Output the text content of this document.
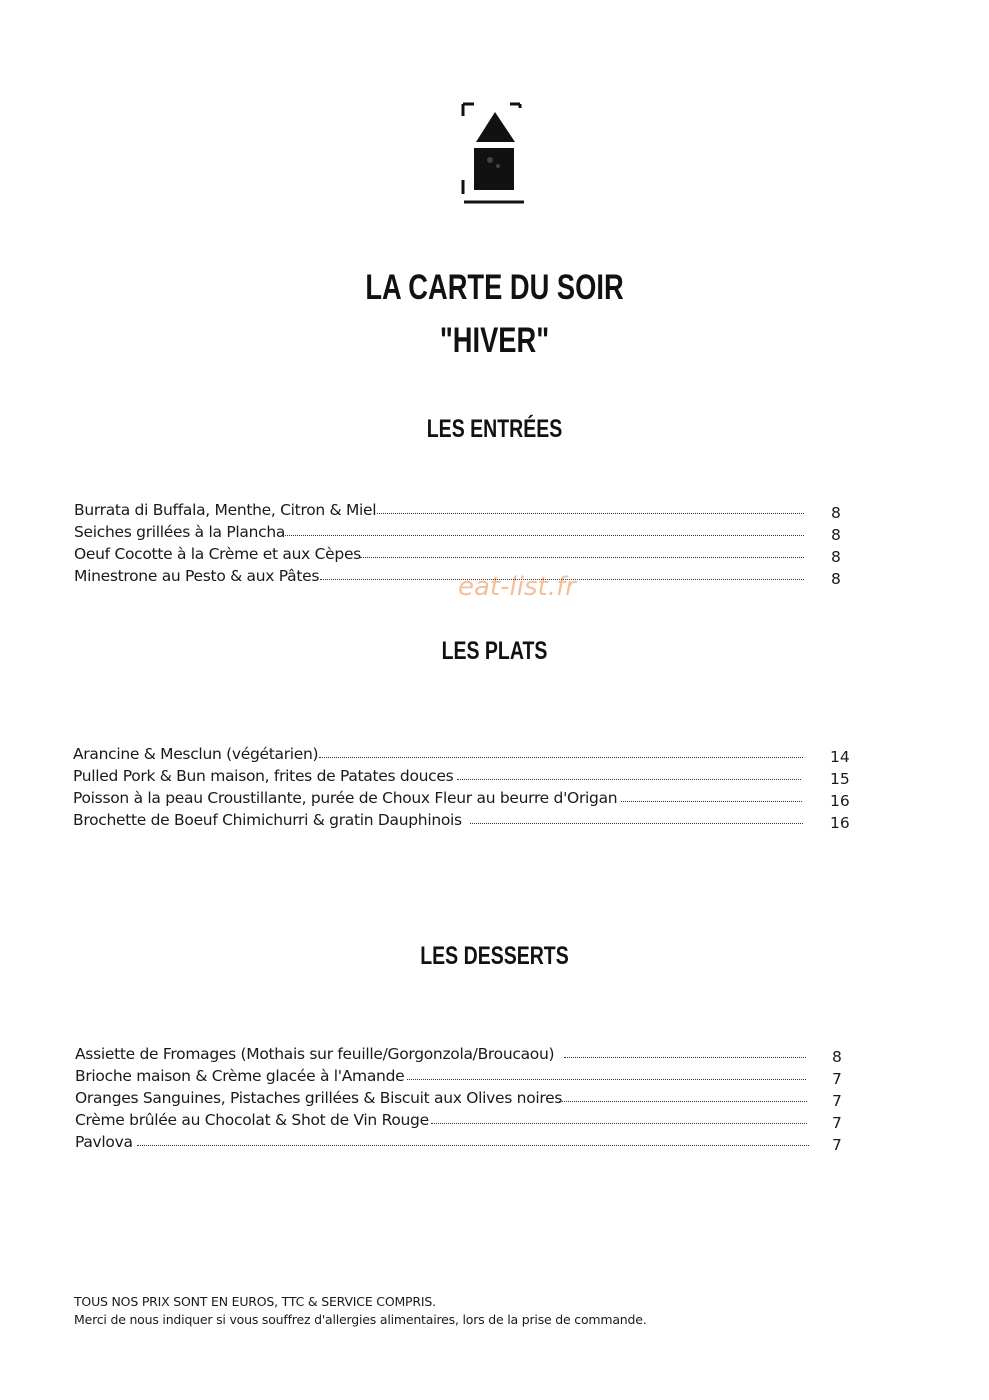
LA CARTE DU SOIR
"HIVER"
LES ENTRÉES
LES PLATS
LES DESSERTS
eat-list.fr
Burrata di Buffala, Menthe, Citron & Miel	8
Seiches grillées à la Plancha	8
Oeuf Cocotte à la Crème et aux Cèpes	8
Minestrone au Pesto & aux Pâtes	8
Arancine & Mesclun (végétarien)	14
Pulled Pork & Bun maison, frites de Patates douces	15
Poisson à la peau Croustillante, purée de Choux Fleur au beurre d'Origan	16
Brochette de Boeuf Chimichurri & gratin Dauphinois	16
Assiette de Fromages (Mothais sur feuille/Gorgonzola/Broucaou)	8
Brioche maison & Crème glacée à l'Amande	7
Oranges Sanguines, Pistaches grillées & Biscuit aux Olives noires	7
Crème brûlée au Chocolat & Shot de Vin Rouge	7
Pavlova	7
TOUS NOS PRIX SONT EN EUROS, TTC & SERVICE COMPRIS.
Merci de nous indiquer si vous souffrez d'allergies alimentaires, lors de la prise de commande.
